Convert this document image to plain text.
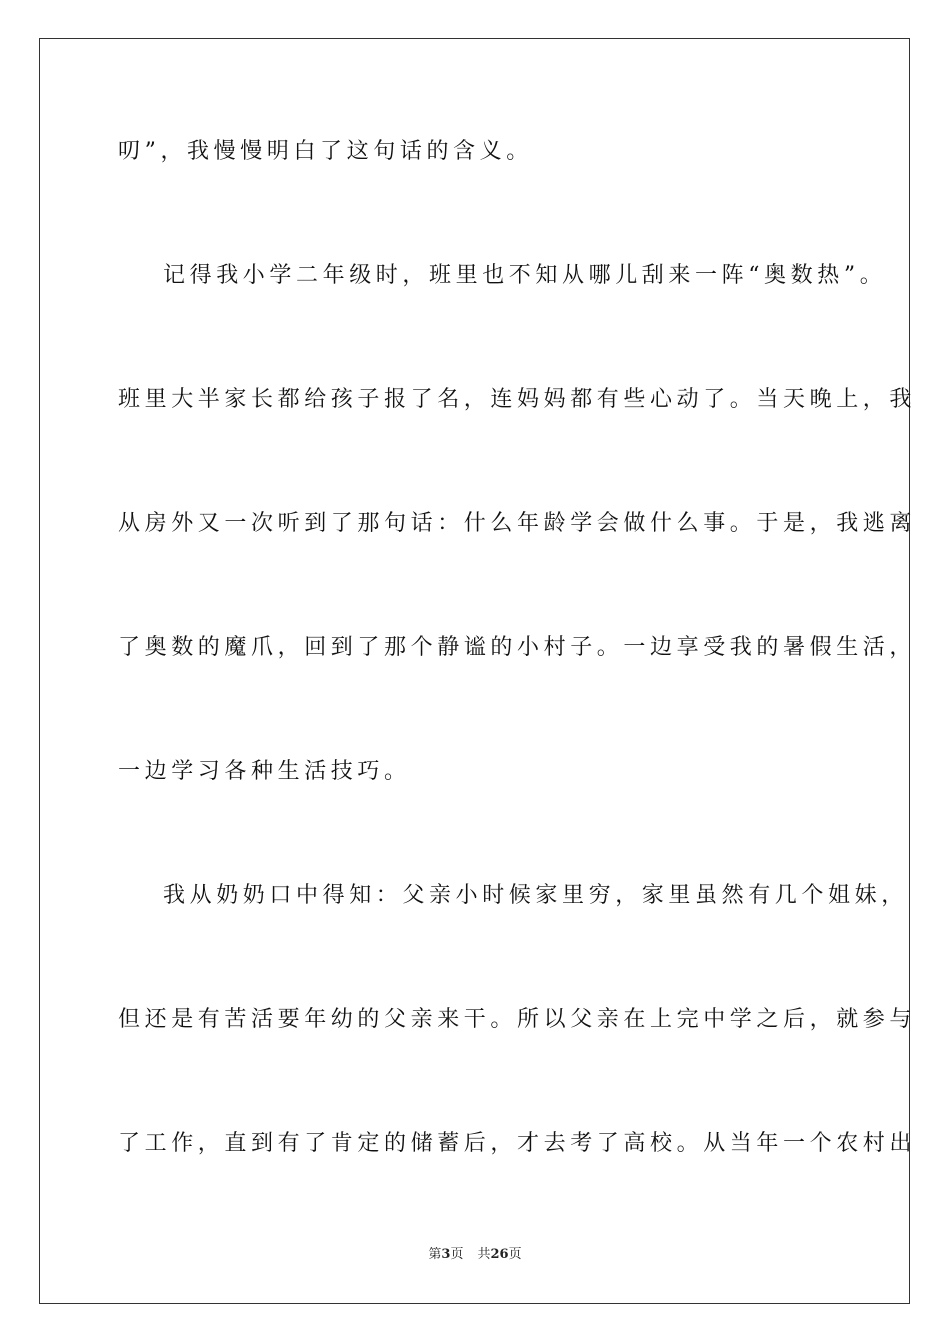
叨”，我慢慢明白了这句话的含义。
记得我小学二年级时，班里也不知从哪儿刮来一阵“奥数热”。
班里大半家长都给孩子报了名，连妈妈都有些心动了。当天晚上，我
从房外又一次听到了那句话：什么年龄学会做什么事。于是，我逃离
了奥数的魔爪，回到了那个静谧的小村子。一边享受我的暑假生活，
一边学习各种生活技巧。
我从奶奶口中得知：父亲小时候家里穷，家里虽然有几个姐妹，
但还是有苦活要年幼的父亲来干。所以父亲在上完中学之后，就参与
了工作，直到有了肯定的储蓄后，才去考了高校。从当年一个农村出
第3页 共26页
